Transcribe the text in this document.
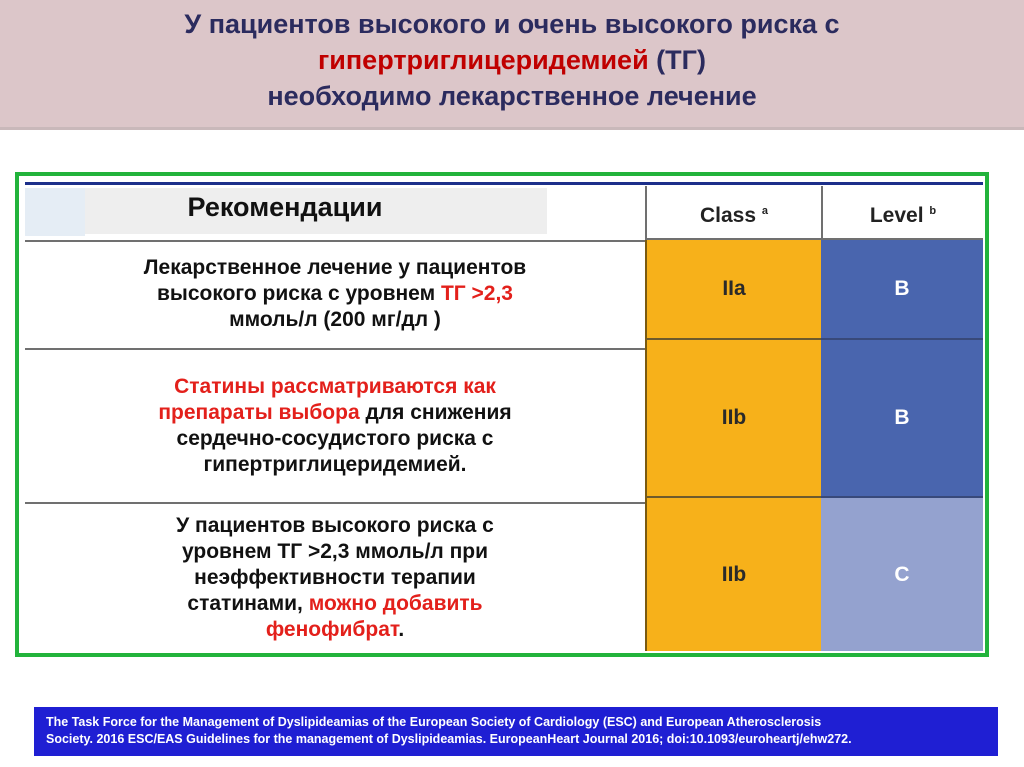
У пациентов высокого и очень высокого риска с
гипертриглицеридемией (ТГ)
необходимо лекарственное лечение
Рекомендации	Class $^a$	Level $^b$
Лекарственное лечение у пациентов
высокого риска с уровнем ТГ >2,3
ммоль/л (200 мг/дл )
IIa	B
Статины рассматриваются как
препараты выбора для снижения
сердечно-сосудистого риска с
гипертриглицеридемией.
IIb	B
У пациентов высокого риска с
уровнем ТГ >2,3 ммоль/л при
неэффективности терапии
статинами, можно добавить
фенофибрат.
IIb	C
The Task Force for the Management of Dyslipideamias of the European Society of Cardiology (ESC) and European Atherosclerosis
Society. 2016 ESC/EAS Guidelines for the management of Dyslipideamias. EuropeanHeart Journal 2016; doi:10.1093/euroheartj/ehw272.
